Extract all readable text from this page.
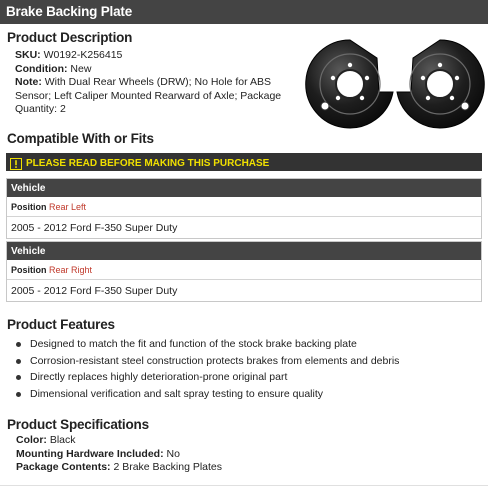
Brake Backing Plate
Product Description
SKU: W0192-K256415
Condition: New
Note: With Dual Rear Wheels (DRW); No Hole for ABS
Sensor; Left Caliper Mounted Rearward of Axle; Package
Quantity: 2
Compatible With or Fits
PLEASE READ BEFORE MAKING THIS PURCHASE
Vehicle
Position Rear Left
2005 - 2012 Ford F-350 Super Duty
Vehicle
Position Rear Right
2005 - 2012 Ford F-350 Super Duty
Product Features
Designed to match the fit and function of the stock brake backing plate
Corrosion-resistant steel construction protects brakes from elements and debris
Directly replaces highly deterioration-prone original part
Dimensional verification and salt spray testing to ensure quality
Product Specifications
Color: Black
Mounting Hardware Included: No
Package Contents: 2 Brake Backing Plates
